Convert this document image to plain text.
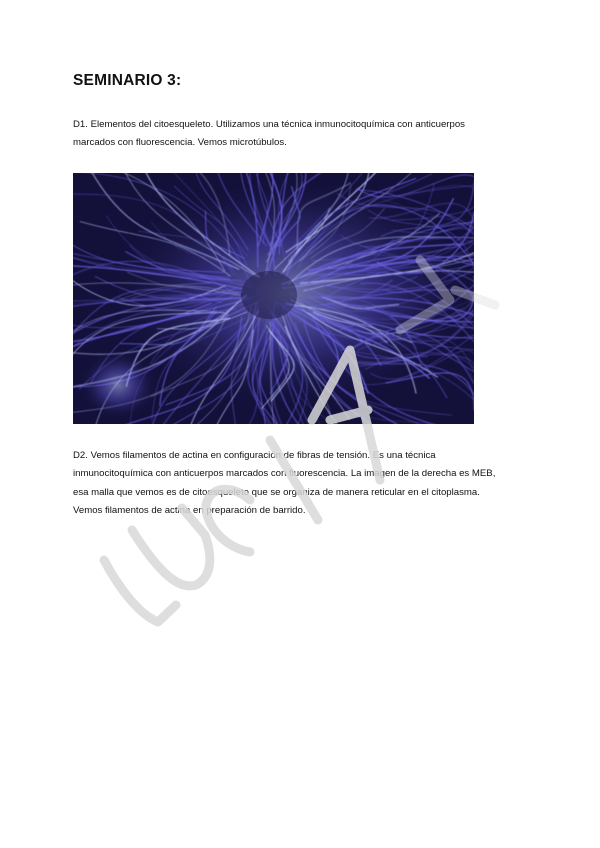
SEMINARIO 3:

D1. Elementos del citoesqueleto. Utilizamos una técnica inmunocitoquímica con anticuerpos
marcados con fluorescencia. Vemos microtúbulos.

D2. Vemos filamentos de actina en configuración de fibras de tensión. Es una técnica
inmunocitoquímica con anticuerpos marcados con fluorescencia. La imagen de la derecha es MEB,
esa malla que vemos es de citoesqueleto que se organiza de manera reticular en el citoplasma.
Vemos filamentos de actina en preparación de barrido.
